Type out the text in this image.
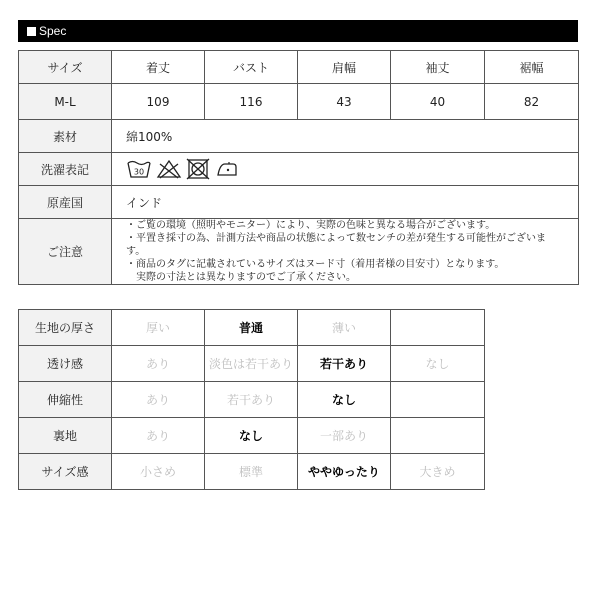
Spec
サイズ	着丈	バスト	肩幅	袖丈	裾幅
M-L	109	116	43	40	82
素材	綿100%				
洗濯表記	30				

原産国	インド				
ご注意	・ご覧の環境（照明やモニター）により、実際の色味と異なる場合がございます。
・平置き採寸の為、計測方法や商品の状態によって数センチの差が発生する可能性がございま
す。
・商品のタグに記載されているサイズはヌード寸（着用者様の目安寸）となります。
　実際の寸法とは異なりますのでご了承ください。				
生地の厚さ	厚い	普通	薄い	
透け感	あり	淡色は若干あり	若干あり	なし
伸縮性	あり	若干あり	なし	
裏地	あり	なし	一部あり	
サイズ感	小さめ	標準	ややゆったり	大きめ
